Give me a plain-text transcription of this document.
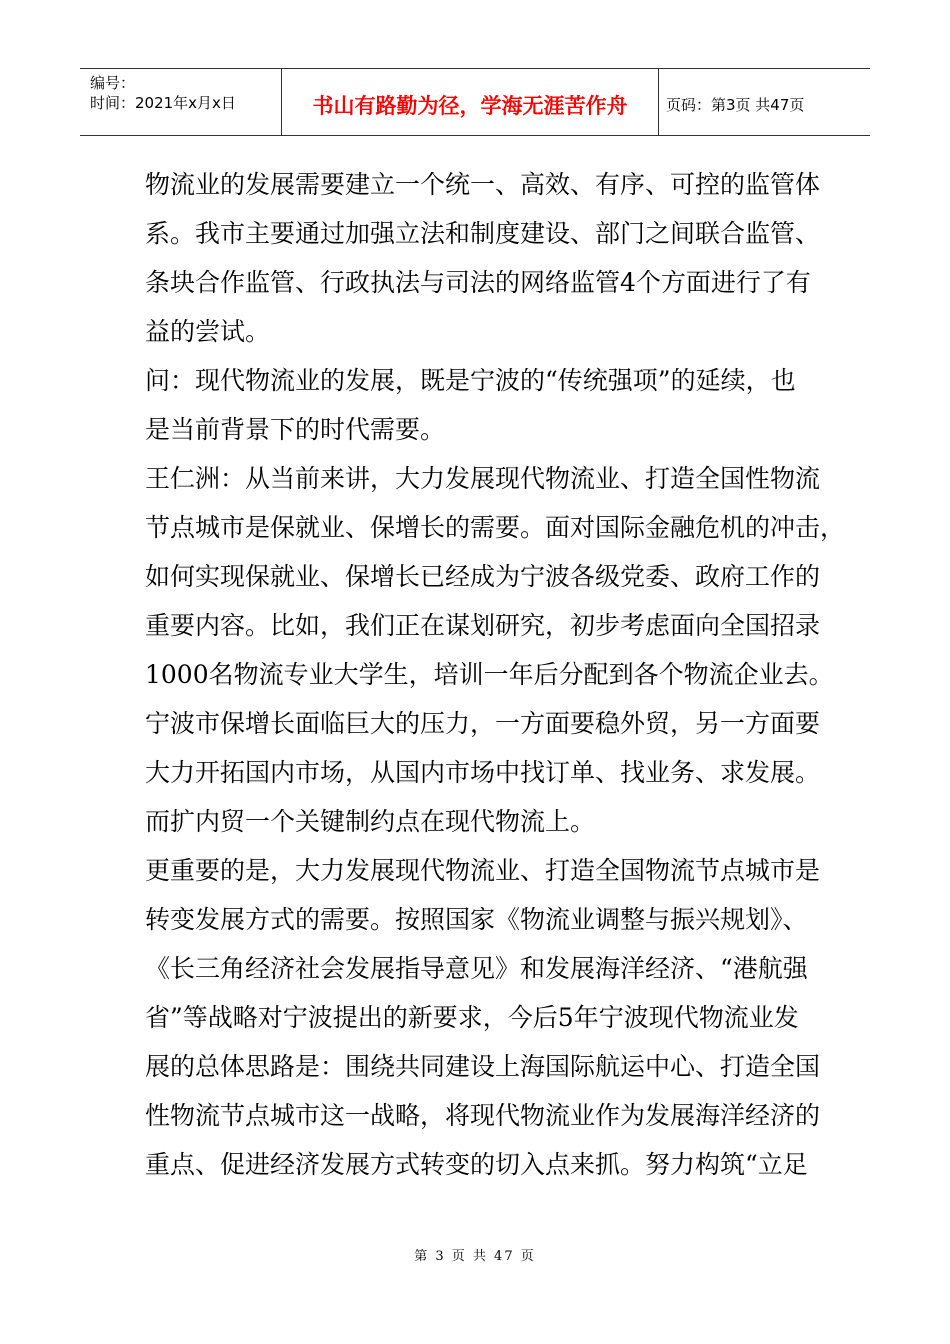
编号：
时间：2021年x月x日	书山有路勤为径，学海无涯苦作舟	页码：第3页 共47页

物流业的发展需要建立一个统一、高效、有序、可控的监管体
系。我市主要通过加强立法和制度建设、部门之间联合监管、
条块合作监管、行政执法与司法的网络监管4个方面进行了有
益的尝试。

问：现代物流业的发展，既是宁波的“传统强项”的延续，也
是当前背景下的时代需要。

王仁洲：从当前来讲，大力发展现代物流业、打造全国性物流
节点城市是保就业、保增长的需要。面对国际金融危机的冲击，
如何实现保就业、保增长已经成为宁波各级党委、政府工作的
重要内容。比如，我们正在谋划研究，初步考虑面向全国招录
1000名物流专业大学生，培训一年后分配到各个物流企业去。
宁波市保增长面临巨大的压力，一方面要稳外贸，另一方面要
大力开拓国内市场，从国内市场中找订单、找业务、求发展。
而扩内贸一个关键制约点在现代物流上。

更重要的是，大力发展现代物流业、打造全国物流节点城市是
转变发展方式的需要。按照国家《物流业调整与振兴规划》、
《长三角经济社会发展指导意见》和发展海洋经济、“港航强
省”等战略对宁波提出的新要求，今后5年宁波现代物流业发
展的总体思路是：围绕共同建设上海国际航运中心、打造全国
性物流节点城市这一战略，将现代物流业作为发展海洋经济的
重点、促进经济发展方式转变的切入点来抓。努力构筑“立足

第 3 页 共 47 页
